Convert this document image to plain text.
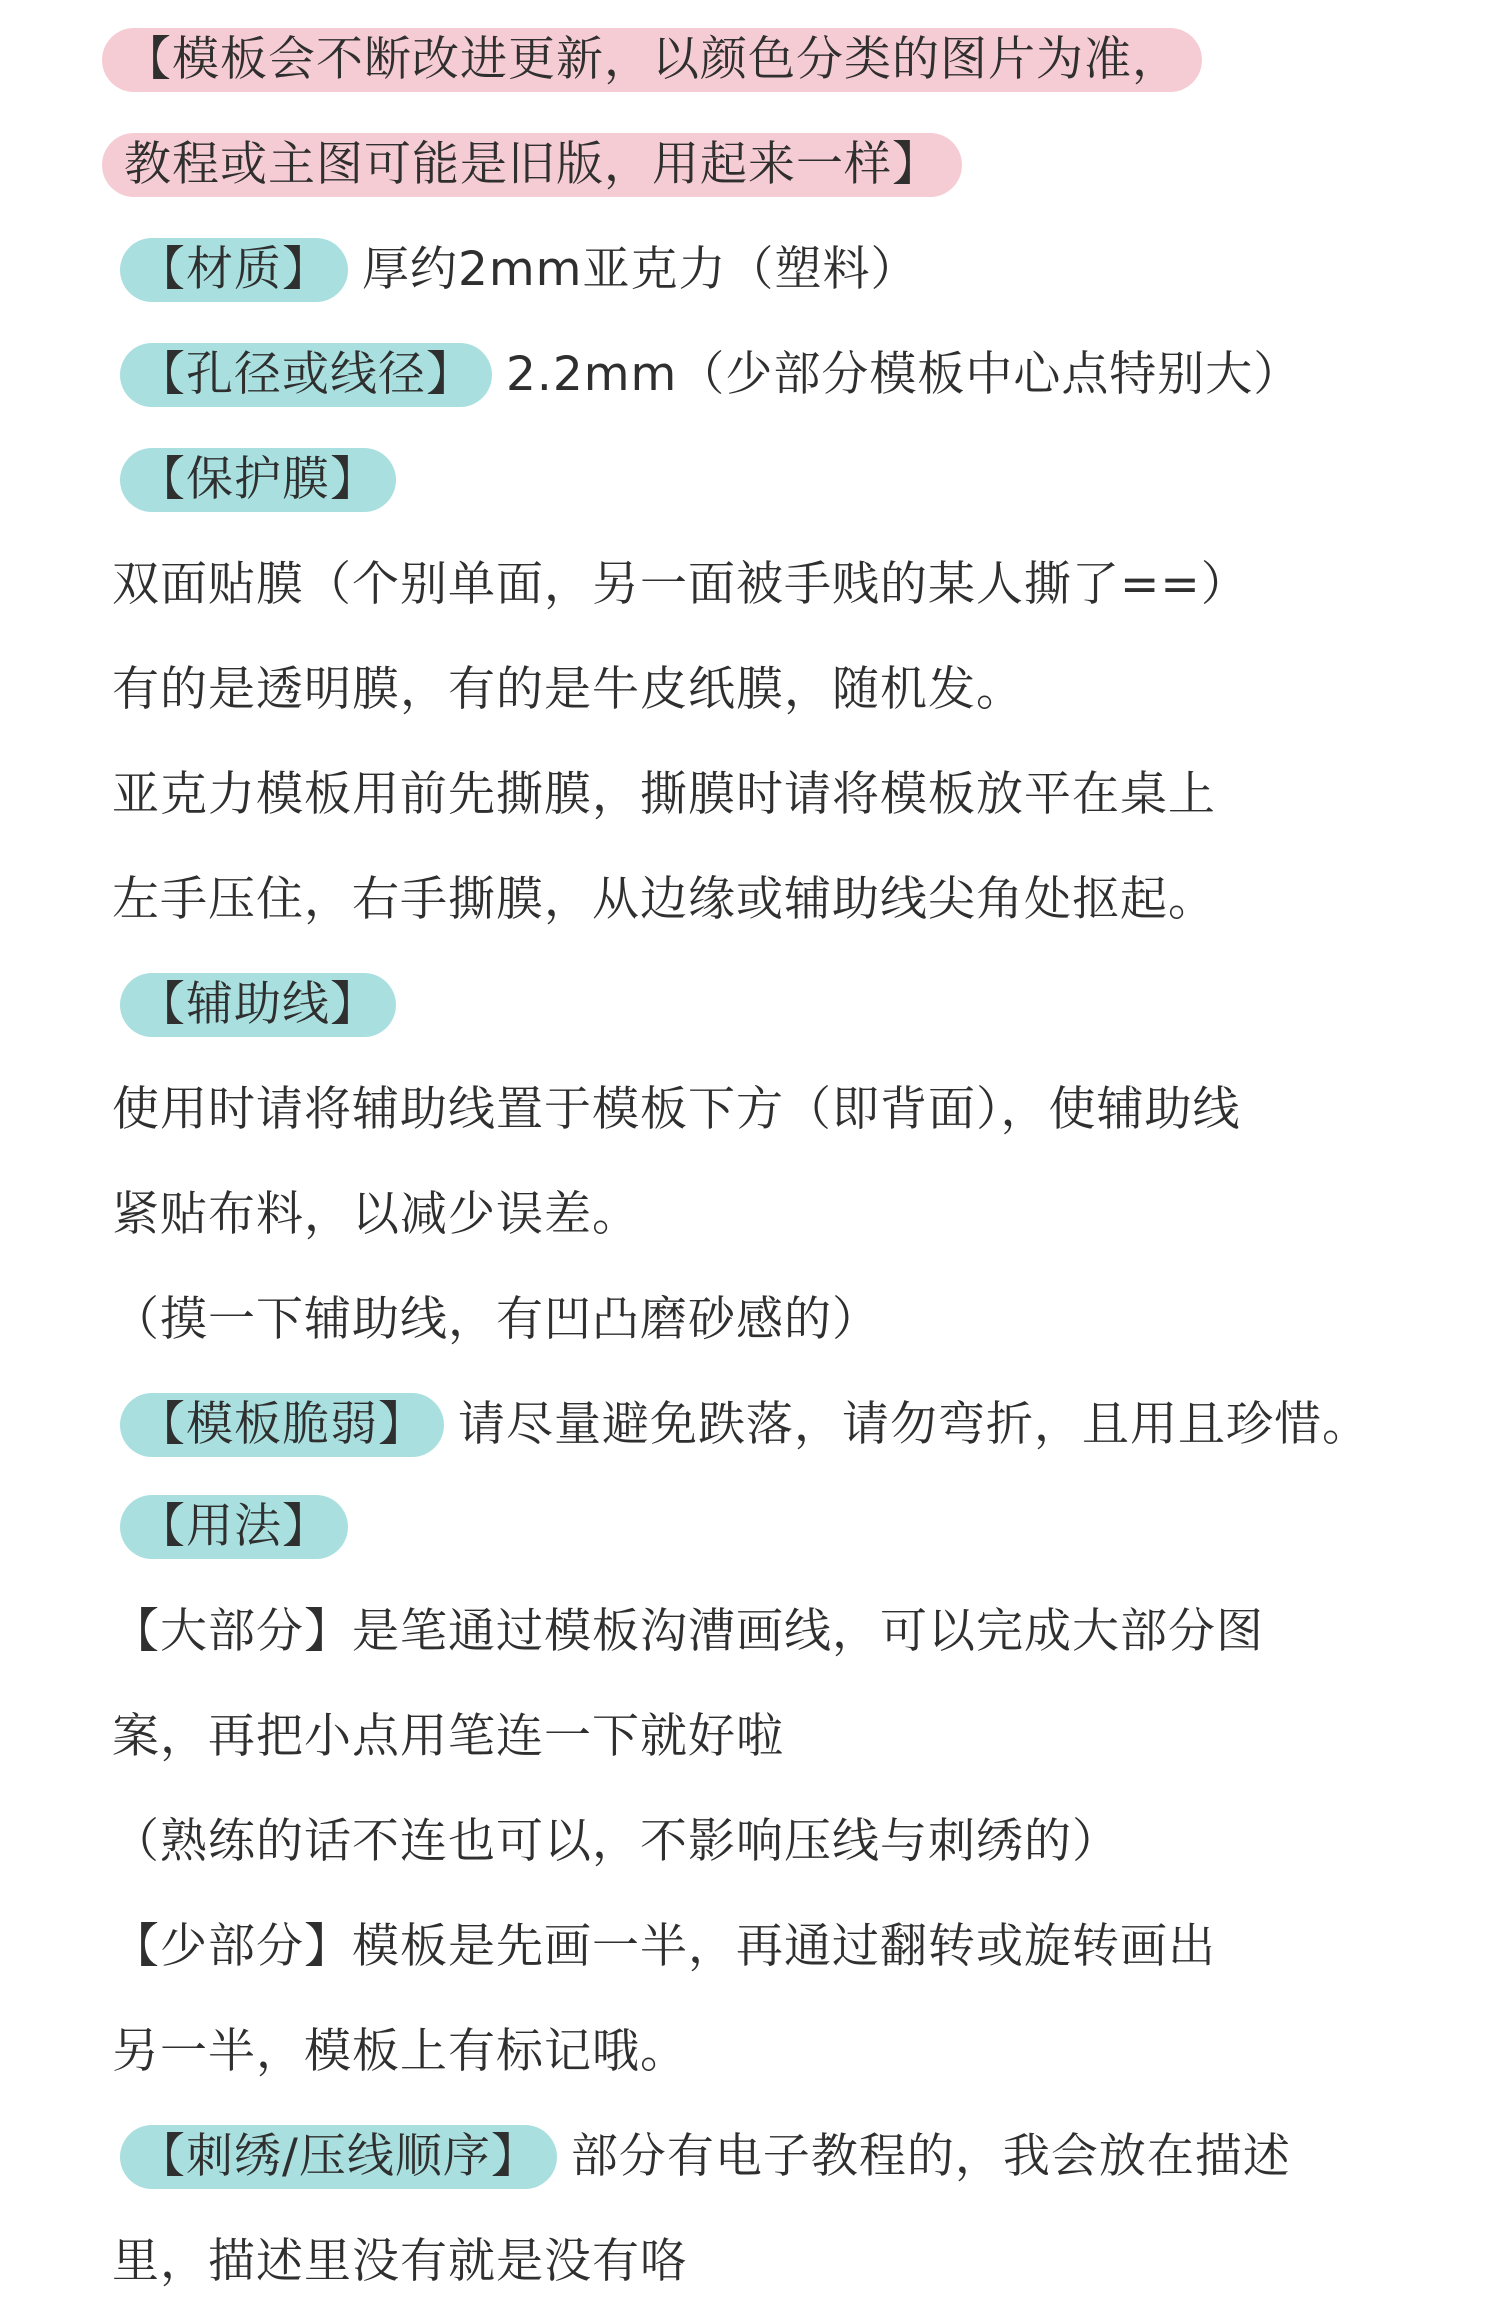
【模板会不断改进更新，以颜色分类的图片为准，
教程或主图可能是旧版，用起来一样】
【材质】 厚约2mm亚克力（塑料）
【孔径或线径】 2.2mm（少部分模板中心点特别大）
【保护膜】
双面贴膜（个别单面，另一面被手贱的某人撕了==）
有的是透明膜，有的是牛皮纸膜，随机发。
亚克力模板用前先撕膜，撕膜时请将模板放平在桌上
左手压住，右手撕膜，从边缘或辅助线尖角处抠起。
【辅助线】
使用时请将辅助线置于模板下方（即背面），使辅助线
紧贴布料，以减少误差。
（摸一下辅助线，有凹凸磨砂感的）
【模板脆弱】 请尽量避免跌落，请勿弯折，且用且珍惜。
【用法】
【大部分】是笔通过模板沟漕画线，可以完成大部分图
案，再把小点用笔连一下就好啦
（熟练的话不连也可以，不影响压线与刺绣的）
【少部分】模板是先画一半，再通过翻转或旋转画出
另一半，模板上有标记哦。
【刺绣/压线顺序】 部分有电子教程的，我会放在描述
里，描述里没有就是没有咯
